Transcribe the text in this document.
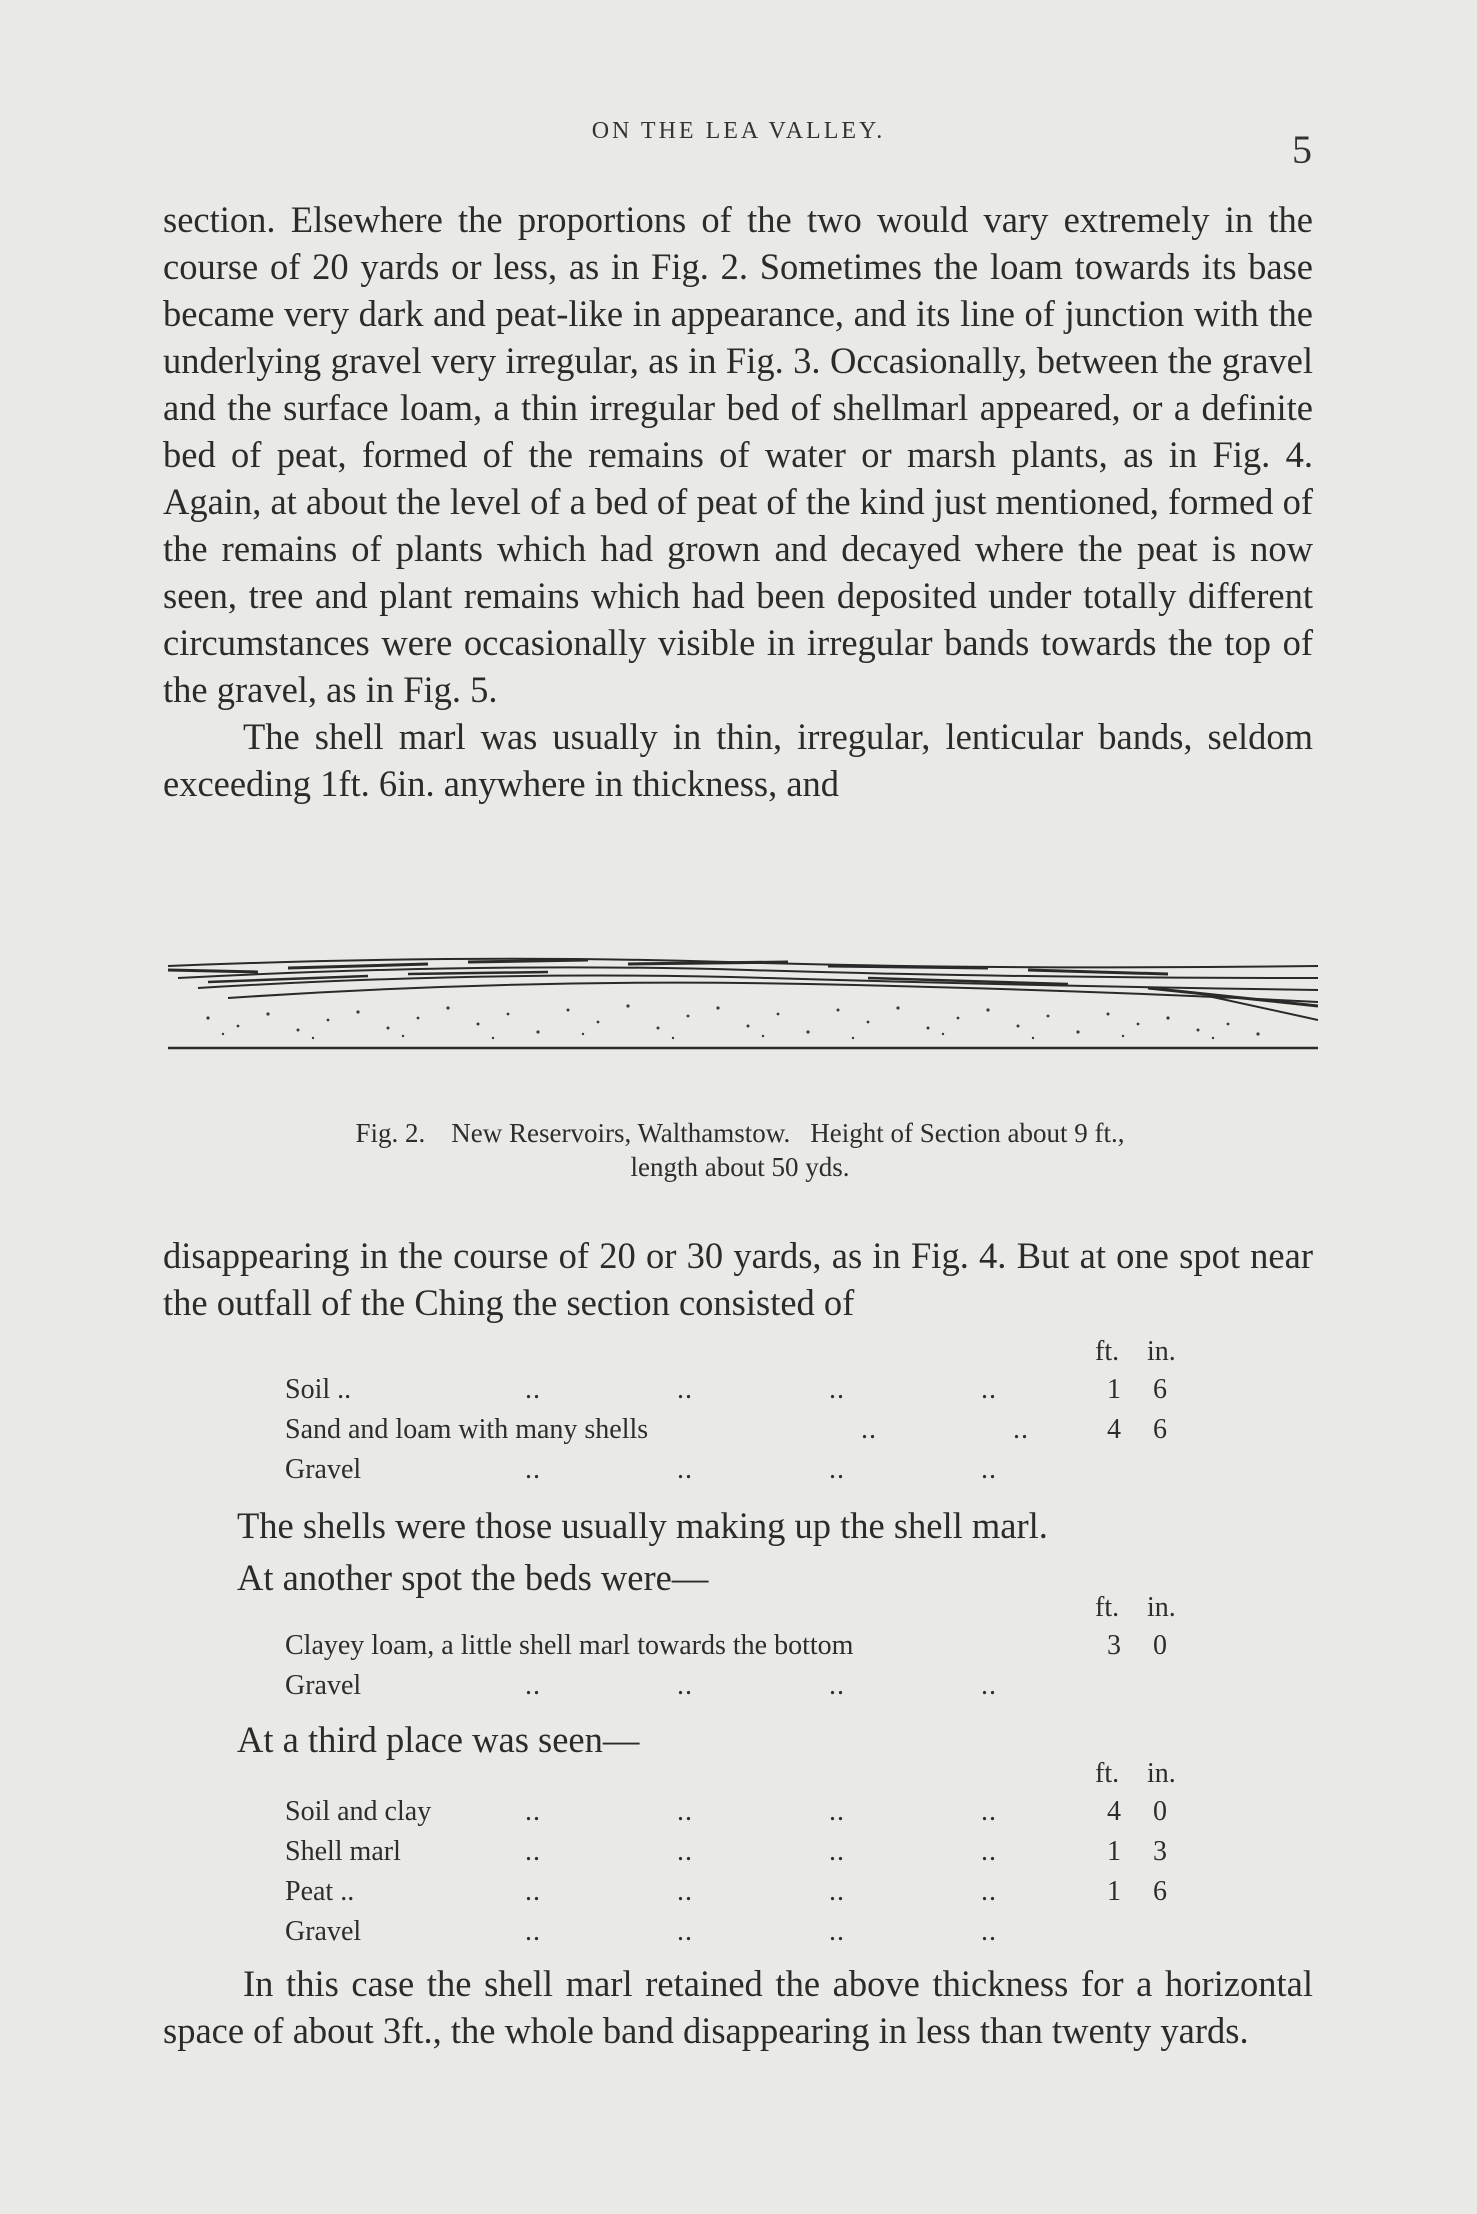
ON THE LEA VALLEY.	5

section. Elsewhere the proportions of the two would vary extremely in the course of 20 yards or less, as in Fig. 2. Sometimes the loam towards its base became very dark and peat-like in appearance, and its line of junction with the underlying gravel very irregular, as in Fig. 3. Occasionally, between the gravel and the surface loam, a thin irregular bed of shellmarl appeared, or a definite bed of peat, formed of the remains of water or marsh plants, as in Fig. 4. Again, at about the level of a bed of peat of the kind just mentioned, formed of the remains of plants which had grown and decayed where the peat is now seen, tree and plant remains which had been deposited under totally different circumstances were occasionally visible in irregular bands towards the top of the gravel, as in Fig. 5.

The shell marl was usually in thin, irregular, lenticular bands, seldom exceeding 1ft. 6in. anywhere in thickness, and

Fig. 2. New Reservoirs, Walthamstow. Height of Section about 9 ft.,
length about 50 yds.

disappearing in the course of 20 or 30 yards, as in Fig. 4. But at one spot near the outfall of the Ching the section consisted of

ft. in.
Soil ..	.. .. .. ..	1 6
Sand and loam with many shells	.. ..	4 6
Gravel	.. .. .. ..
The shells were those usually making up the shell marl.
At another spot the beds were—
ft. in.
Clayey loam, a little shell marl towards the bottom	3 0
Gravel	.. .. .. ..
At a third place was seen—
ft. in.
Soil and clay	.. .. .. ..	4 0
Shell marl	.. .. .. ..	1 3
Peat ..	.. .. .. ..	1 6
Gravel	.. .. .. ..

In this case the shell marl retained the above thickness for a horizontal space of about 3ft., the whole band disappearing in less than twenty yards.
